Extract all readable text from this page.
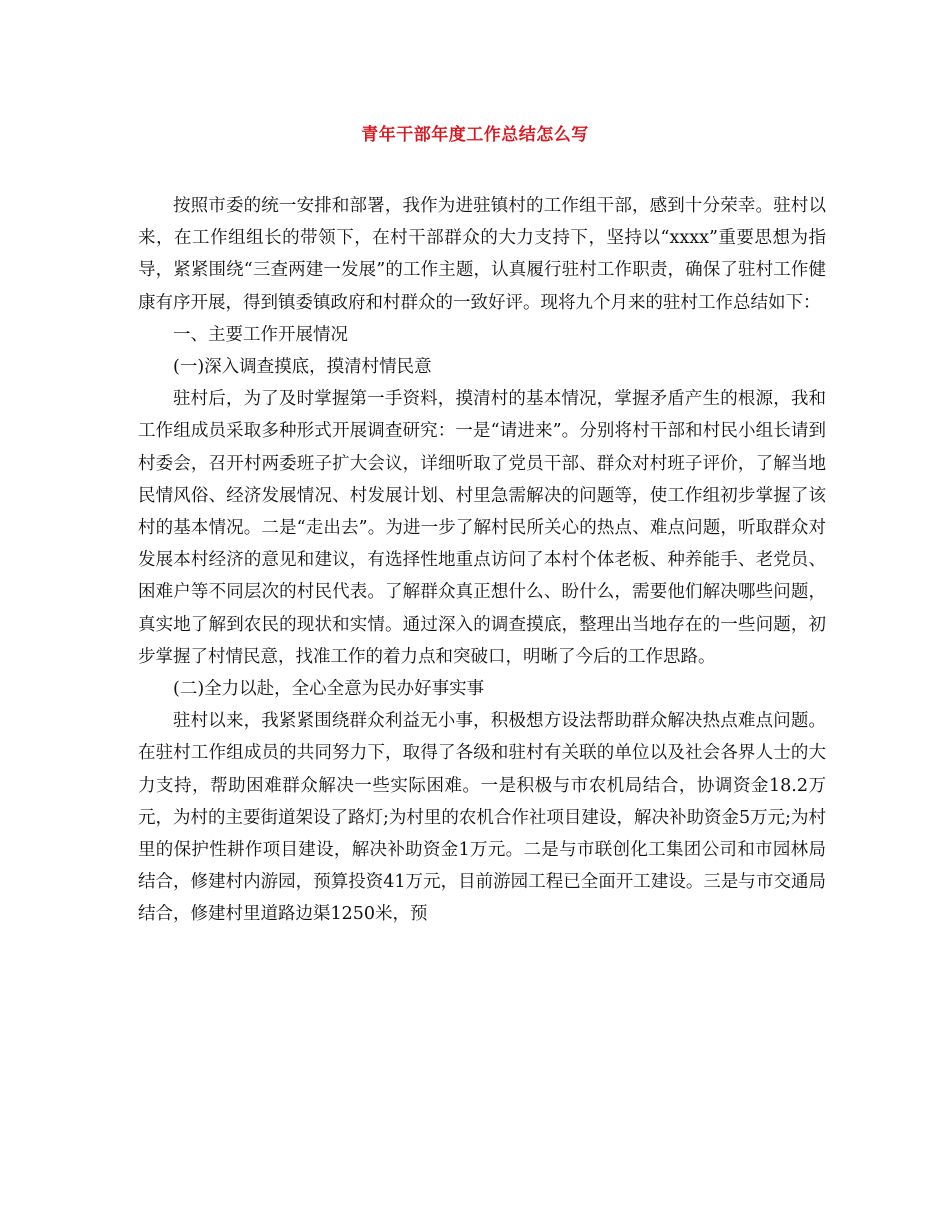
青年干部年度工作总结怎么写

按照市委的统一安排和部署，我作为进驻镇村的工作组干部，感到十分荣幸。驻村以来，在工作组组长的带领下，在村干部群众的大力支持下，坚持以“xxxx”重要思想为指导，紧紧围绕“三查两建一发展”的工作主题，认真履行驻村工作职责，确保了驻村工作健康有序开展，得到镇委镇政府和村群众的一致好评。现将九个月来的驻村工作总结如下：

一、主要工作开展情况

(一)深入调查摸底，摸清村情民意

驻村后，为了及时掌握第一手资料，摸清村的基本情况，掌握矛盾产生的根源，我和工作组成员采取多种形式开展调查研究：一是“请进来”。分别将村干部和村民小组长请到村委会，召开村两委班子扩大会议，详细听取了党员干部、群众对村班子评价，了解当地民情风俗、经济发展情况、村发展计划、村里急需解决的问题等，使工作组初步掌握了该村的基本情况。二是“走出去”。为进一步了解村民所关心的热点、难点问题，听取群众对发展本村经济的意见和建议，有选择性地重点访问了本村个体老板、种养能手、老党员、困难户等不同层次的村民代表。了解群众真正想什么、盼什么，需要他们解决哪些问题，真实地了解到农民的现状和实情。通过深入的调查摸底，整理出当地存在的一些问题，初步掌握了村情民意，找准工作的着力点和突破口，明晰了今后的工作思路。

(二)全力以赴，全心全意为民办好事实事

驻村以来，我紧紧围绕群众利益无小事，积极想方设法帮助群众解决热点难点问题。在驻村工作组成员的共同努力下，取得了各级和驻村有关联的单位以及社会各界人士的大力支持，帮助困难群众解决一些实际困难。一是积极与市农机局结合，协调资金18.2万元，为村的主要街道架设了路灯;为村里的农机合作社项目建设，解决补助资金5万元;为村里的保护性耕作项目建设，解决补助资金1万元。二是与市联创化工集团公司和市园林局结合，修建村内游园，预算投资41万元，目前游园工程已全面开工建设。三是与市交通局结合，修建村里道路边渠1250米，预
